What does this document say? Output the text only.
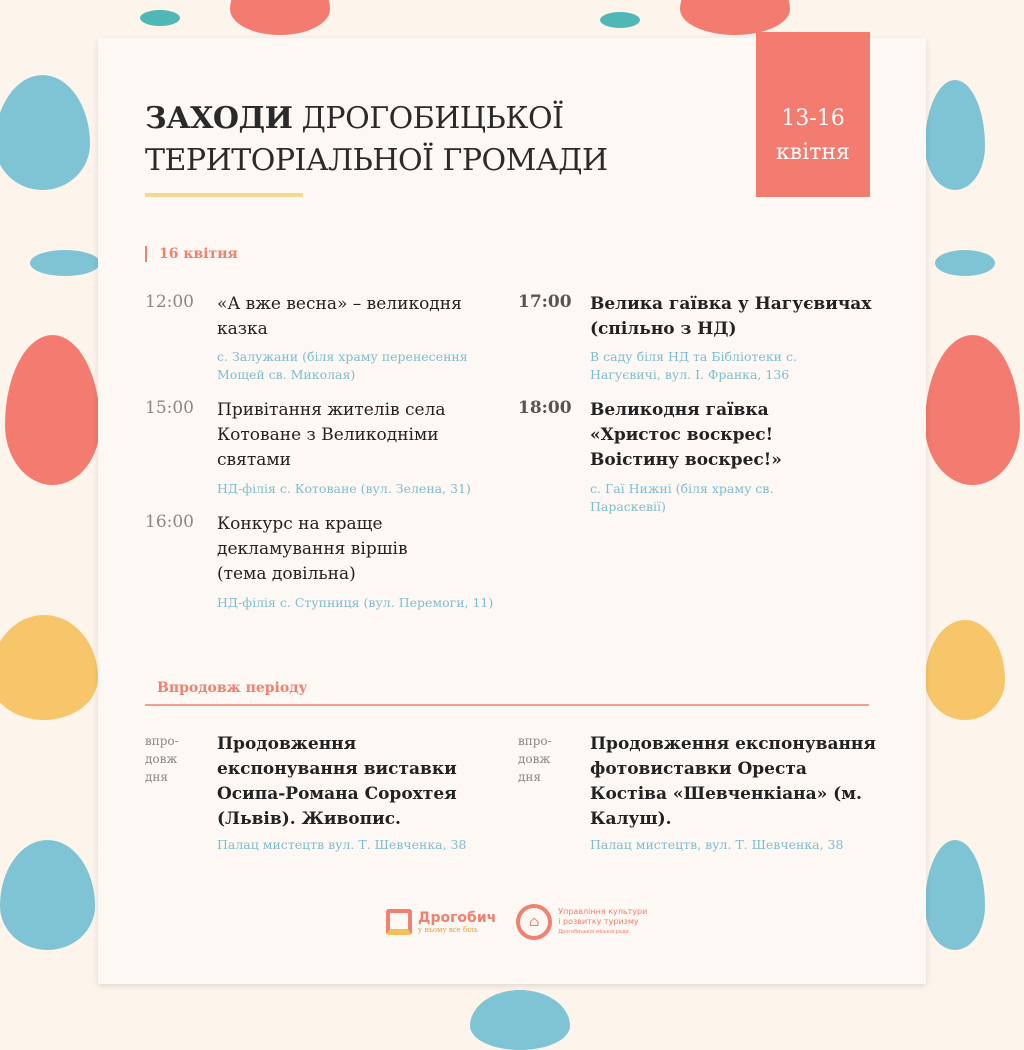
ЗАХОДИ ДРОГОБИЦЬКОЇ
ТЕРИТОРІАЛЬНОЇ ГРОМАДИ
13-16
квітня
16 квітня
12:00 «А вже весна» – великодня казка
с. Залужани (біля храму перенесення Мощей св. Миколая)
15:00 Привітання жителів села Котоване з Великодніми святами
НД-філія с. Котоване (вул. Зелена, 31)
16:00 Конкурс на краще декламування віршів (тема довільна)
НД-філія с. Ступниця (вул. Перемоги, 11)
17:00 Велика гаївка у Нагуєвичах (спільно з НД)
В саду біля НД та Бібліотеки с. Нагуєвичі, вул. І. Франка, 136
18:00 Великодня гаївка «Христос воскрес! Воістину воскрес!»
с. Гаї Нижні (біля храму св. Параскевії)
Впродовж періоду
впро-довж дня
Продовження експонування виставки Осипа-Романа Сорохтея (Львів). Живопис.
Палац мистецтв вул. Т. Шевченка, 38
впро-довж дня
Продовження експонування фотовиставки Ореста Костіва «Шевченкіана» (м. Калуш).
Палац мистецтв, вул. Т. Шевченка, 38
Дрогобич
у ньому все біль	⌂
Управління культури
і розвитку туризму
Дрогобицької міської ради
